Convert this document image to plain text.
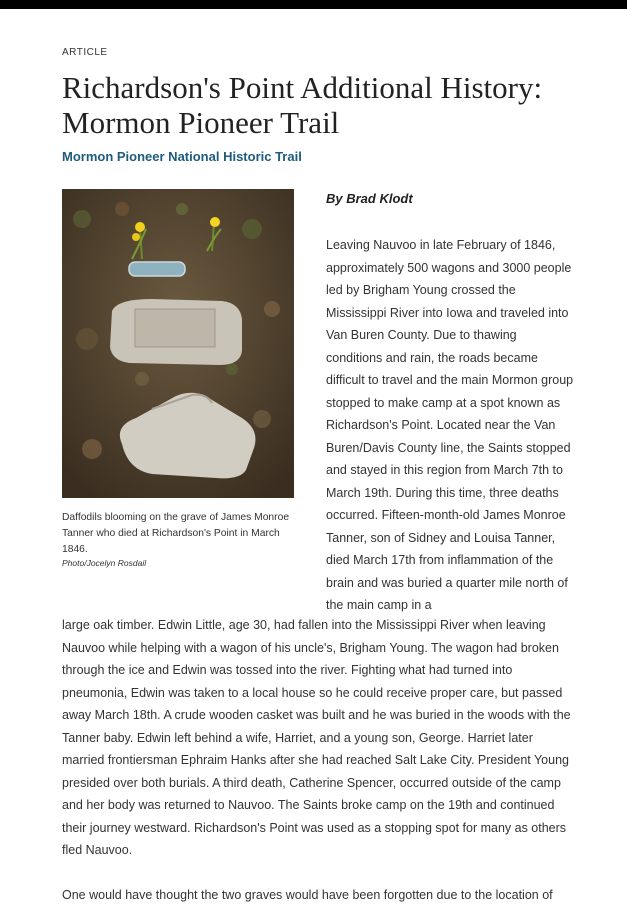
ARTICLE
Richardson's Point Additional History: Mormon Pioneer Trail
Mormon Pioneer National Historic Trail
Daffodils blooming on the grave of James Monroe Tanner who died at Richardson's Point in March 1846.
Photo/Jocelyn Rosdail
By Brad Klodt

Leaving Nauvoo in late February of 1846, approximately 500 wagons and 3000 people led by Brigham Young crossed the Mississippi River into Iowa and traveled into Van Buren County. Due to thawing conditions and rain, the roads became difficult to travel and the main Mormon group stopped to make camp at a spot known as Richardson's Point. Located near the Van Buren/Davis County line, the Saints stopped and stayed in this region from March 7th to March 19th. During this time, three deaths occurred. Fifteen-month-old James Monroe Tanner, son of Sidney and Louisa Tanner, died March 17th from inflammation of the brain and was buried a quarter mile north of the main camp in a

large oak timber. Edwin Little, age 30, had fallen into the Mississippi River when leaving Nauvoo while helping with a wagon of his uncle's, Brigham Young. The wagon had broken through the ice and Edwin was tossed into the river. Fighting what had turned into pneumonia, Edwin was taken to a local house so he could receive proper care, but passed away March 18th. A crude wooden casket was built and he was buried in the woods with the Tanner baby. Edwin left behind a wife, Harriet, and a young son, George. Harriet later married frontiersman Ephraim Hanks after she had reached Salt Lake City. President Young presided over both burials. A third death, Catherine Spencer, occurred outside of the camp and her body was returned to Nauvoo. The Saints broke camp on the 19th and continued their journey westward. Richardson's Point was used as a stopping spot for many as others fled Nauvoo.

One would have thought the two graves would have been forgotten due to the location of
